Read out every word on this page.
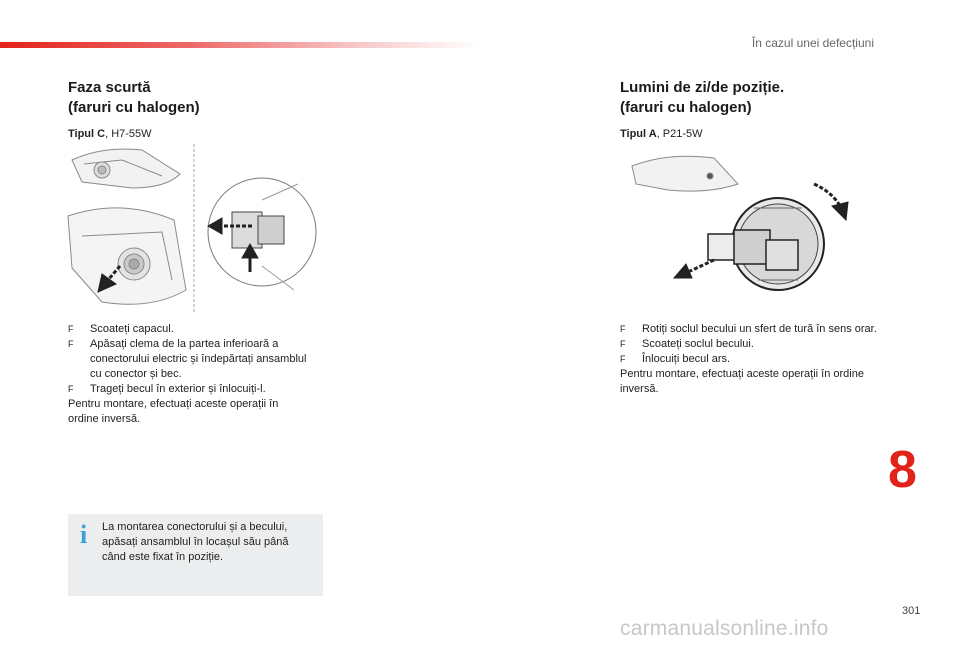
În cazul unei defecțiuni
Faza scurtă
(faruri cu halogen)
Tipul C, H7-55W
F Scoateți capacul.
F Apăsați clema de la partea inferioară a conectorului electric și îndepărtați ansamblul cu conector și bec.
F Trageți becul în exterior și înlocuiți-l.

Pentru montare, efectuați aceste operații în ordine inversă.

i La montarea conectorului și a becului, apăsați ansamblul în locașul său până când este fixat în poziție.
Lumini de zi/de poziție.
(faruri cu halogen)
Tipul A, P21-5W
F Rotiți soclul becului un sfert de tură în sens orar.
F Scoateți soclul becului.
F Înlocuiți becul ars.

Pentru montare, efectuați aceste operații în ordine inversă.

8
301
carmanualsonline.info
